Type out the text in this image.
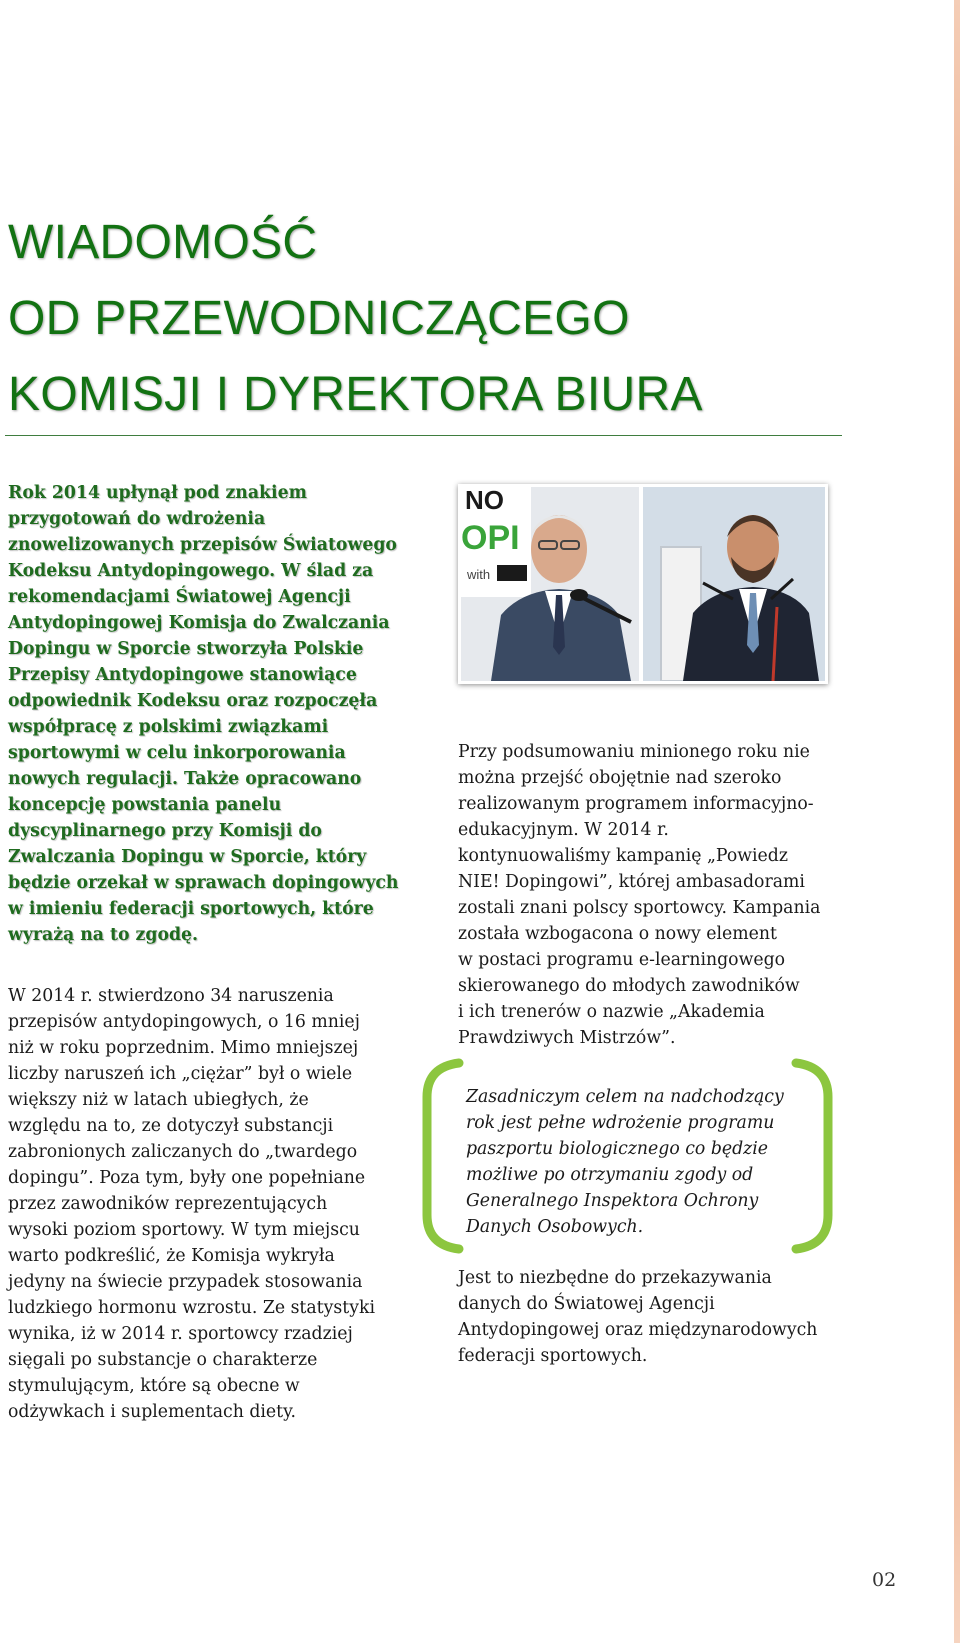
WIADOMOŚĆ
OD PRZEWODNICZĄCEGO
KOMISJI I DYREKTORA BIURA

Rok 2014 upłynął pod znakiem
przygotowań do wdrożenia
znowelizowanych przepisów Światowego
Kodeksu Antydopingowego. W ślad za
rekomendacjami Światowej Agencji
Antydopingowej Komisja do Zwalczania
Dopingu w Sporcie stworzyła Polskie
Przepisy Antydopingowe stanowiące
odpowiednik Kodeksu oraz rozpoczęła
współpracę z polskimi związkami
sportowymi w celu inkorporowania
nowych regulacji. Także opracowano
koncepcję powstania panelu
dyscyplinarnego przy Komisji do
Zwalczania Dopingu w Sporcie, który
będzie orzekał w sprawach dopingowych
w imieniu federacji sportowych, które
wyrażą na to zgodę.

W 2014 r. stwierdzono 34 naruszenia
przepisów antydopingowych, o 16 mniej
niż w roku poprzednim. Mimo mniejszej
liczby naruszeń ich „ciężar” był o wiele
większy niż w latach ubiegłych, że
względu na to, ze dotyczył substancji
zabronionych zaliczanych do „twardego
dopingu”. Poza tym, były one popełniane
przez zawodników reprezentujących
wysoki poziom sportowy. W tym miejscu
warto podkreślić, że Komisja wykryła
jedyny na świecie przypadek stosowania
ludzkiego hormonu wzrostu. Ze statystyki
wynika, iż w 2014 r. sportowcy rzadziej
sięgali po substancje o charakterze
stymulującym, które są obecne w
odżywkach i suplementach diety.

NO
OPI
with

Przy podsumowaniu minionego roku nie
można przejść obojętnie nad szeroko
realizowanym programem informacyjno-
edukacyjnym. W 2014 r.
kontynuowaliśmy kampanię „Powiedz
NIE! Dopingowi”, której ambasadorami
zostali znani polscy sportowcy. Kampania
została wzbogacona o nowy element
w postaci programu e-learningowego
skierowanego do młodych zawodników
i ich trenerów o nazwie „Akademia
Prawdziwych Mistrzów”.

Zasadniczym celem na nadchodzący
rok jest pełne wdrożenie programu
paszportu biologicznego co będzie
możliwe po otrzymaniu zgody od
Generalnego Inspektora Ochrony
Danych Osobowych.

Jest to niezbędne do przekazywania
danych do Światowej Agencji
Antydopingowej oraz międzynarodowych
federacji sportowych.

02
